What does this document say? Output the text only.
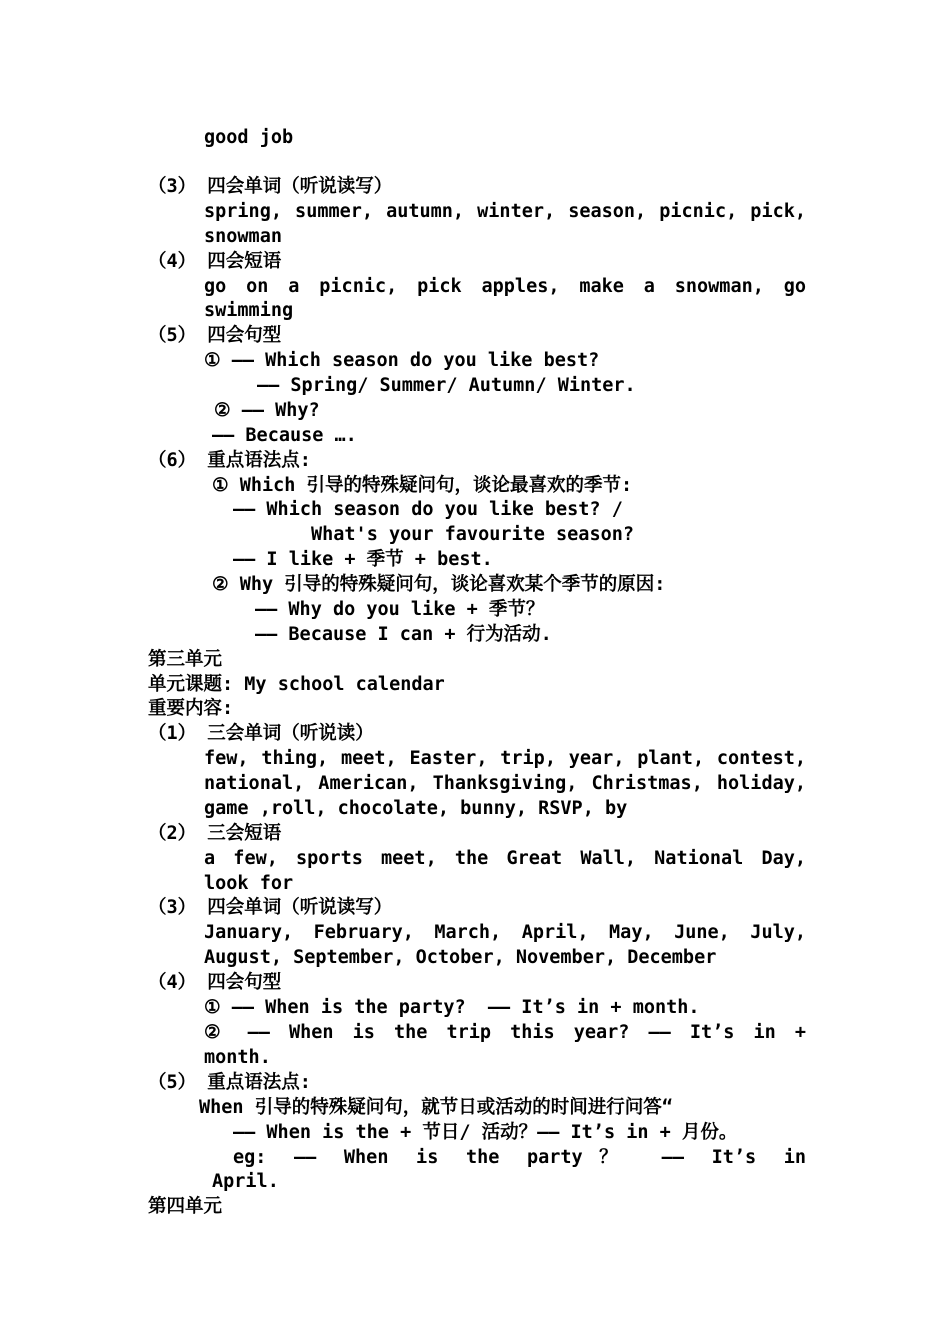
good job
（3） 四会单词（听说读写）
spring, summer, autumn, winter, season, picnic, pick,
snowman
（4） 四会短语
go on a picnic, pick apples, make a snowman, go
swimming
（5） 四会句型
① —— Which season do you like best?
—— Spring/ Summer/ Autumn/ Winter.
② —— Why?
—— Because ….
（6） 重点语法点:
① Which 引导的特殊疑问句，谈论最喜欢的季节:
—— Which season do you like best? /
What's your favourite season?
—— I like + 季节 + best.
② Why 引导的特殊疑问句，谈论喜欢某个季节的原因:
—— Why do you like + 季节？
—— Because I can + 行为活动.
第三单元
单元课题: My school calendar
重要内容:
（1） 三会单词（听说读）
few, thing, meet, Easter, trip, year, plant, contest,
national, American, Thanksgiving, Christmas, holiday,
game ,roll, chocolate, bunny, RSVP, by
（2） 三会短语
a few, sports meet, the Great Wall, National Day,
look for
（3） 四会单词（听说读写）
January, February, March, April, May, June, July,
August, September, October, November, December
（4） 四会句型
① —— When is the party?  —— It’s in + month.
② —— When is the trip this year? —— It’s in +
month.
（5） 重点语法点:
When 引导的特殊疑问句，就节日或活动的时间进行问答“
—— When is the + 节日/ 活动？—— It’s in + 月份。
eg: —— When is the party？ —— It’s in
April.
第四单元
